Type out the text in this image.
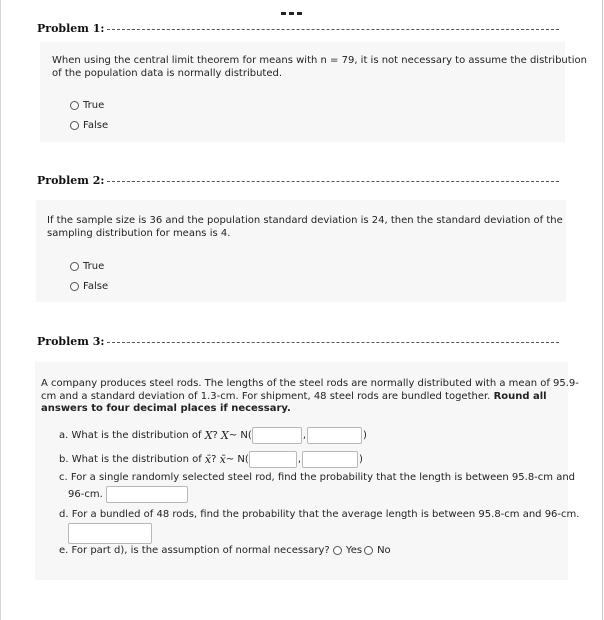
Problem 1:
When using the central limit theorem for means with n = 79, it is not necessary to assume the distribution
of the population data is normally distributed.
True
False
Problem 2:
If the sample size is 36 and the population standard deviation is 24, then the standard deviation of the
sampling distribution for means is 4.
True
False
Problem 3:
A company produces steel rods. The lengths of the steel rods are normally distributed with a mean of 95.9-
cm and a standard deviation of 1.3-cm. For shipment, 48 steel rods are bundled together. Round all
answers to four decimal places if necessary.
a. What is the distribution of
X ?
X ~ N(	,	)
b. What is the distribution of
x̄ ?
x̄ ~ N(	,	)
c. For a single randomly selected steel rod, find the probability that the length is between 95.8-cm and
96-cm.

d. For a bundled of 48 rods, find the probability that the average length is between 95.8-cm and 96-cm.
e. For part d), is the assumption of normal necessary?
Yes No
